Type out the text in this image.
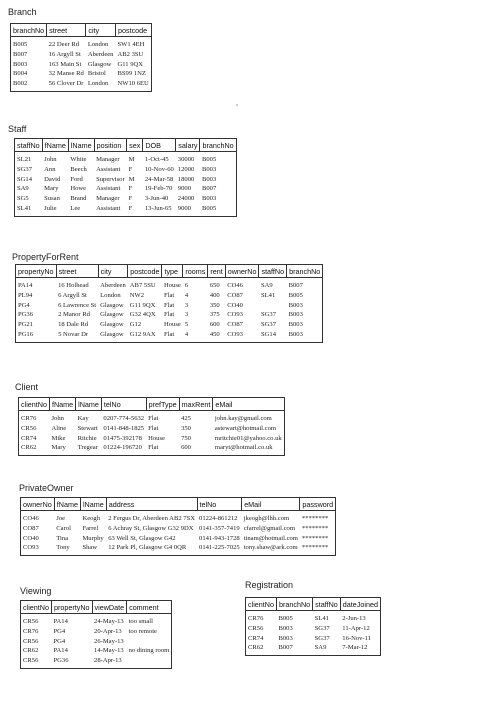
branchNo	street	city	postcode
B005	22 Deer Rd	London	SW1 4EH
B007	16 Argyll St	Aberdeen	AB2 3SU
B003	163 Main St	Glasgow	G11 9QX
B004	32 Manse Rd	Bristol	BS99 1NZ
B002	56 Clover Dr	London	NW10 6EU
staffNo	fName	lName	position	sex	DOB	salary	branchNo
SL21	John	White	Manager	M	1-Oct-45	30000	B005
SG37	Ann	Beech	Assistant	F	10-Nov-60	12000	B003
SG14	David	Ford	Supervisor	M	24-Mar-58	18000	B003
SA9	Mary	Howe	Assistant	F	19-Feb-70	9000	B007
SG5	Susan	Brand	Manager	F	3-Jun-40	24000	B003
SL41	Julie	Lee	Assistant	F	13-Jun-65	9000	B005
propertyNo	street	city	postcode	type	rooms	rent	ownerNo	staffNo	branchNo
PA14	16 Holhead	Aberdeen	AB7 5SU	House	6	650	CO46	SA9	B007
PL94	6 Argyll St	London	NW2	Flat	4	400	CO87	SL41	B005
PG4	6 Lawrence St	Glasgow	G11 9QX	Flat	3	350	CO40		B003
PG36	2 Manor Rd	Glasgow	G32 4QX	Flat	3	375	CO93	SG37	B003
PG21	18 Dale Rd	Glasgow	G12	House	5	600	CO87	SG37	B003
PG16	5 Novar Dr	Glasgow	G12 9AX	Flat	4	450	CO93	SG14	B003
clientNo	fName	lName	telNo	prefType	maxRent	eMail
CR76	John	Kay	0207-774-5632	Flat	425	john.kay@gmail.com
CR56	Aline	Stewart	0141-848-1825	Flat	350	astewart@hotmail.com
CR74	Mike	Ritchie	01475-392178	House	750	mritchie01@yahoo.co.uk
CR62	Mary	Tregear	01224-196720	Flat	600	maryt@hotmail.co.uk
ownerNo	fName	lName	address	telNo	eMail	password
CO46	Joe	Keogh	2 Fergus Dr, Aberdeen AB2 7SX	01224-861212	jkeogh@lhh.com	********
CO87	Carol	Farrel	6 Achray St, Glasgow G32 9DX	0141-357-7419	cfarrel@gmail.com	********
CO40	Tina	Murphy	63 Well St, Glasgow G42	0141-943-1728	tinam@hotmail.com	********
CO93	Tony	Shaw	12 Park Pl, Glasgow G4 0QR	0141-225-7025	tony.shaw@ark.com	********
clientNo	propertyNo	viewDate	comment
CR56	PA14	24-May-13	too small
CR76	PG4	20-Apr-13	too remote
CR56	PG4	26-May-13	
CR62	PA14	14-May-13	no dining room
CR56	PG36	28-Apr-13	
clientNo	branchNo	staffNo	dateJoined
CR76	B005	SL41	2-Jun-13
CR56	B003	SG37	11-Apr-12
CR74	B003	SG37	16-Nov-11
CR62	B007	SA9	7-Mar-12
Branch
Staff
PropertyForRent
Client
PrivateOwner
Viewing
Registration
